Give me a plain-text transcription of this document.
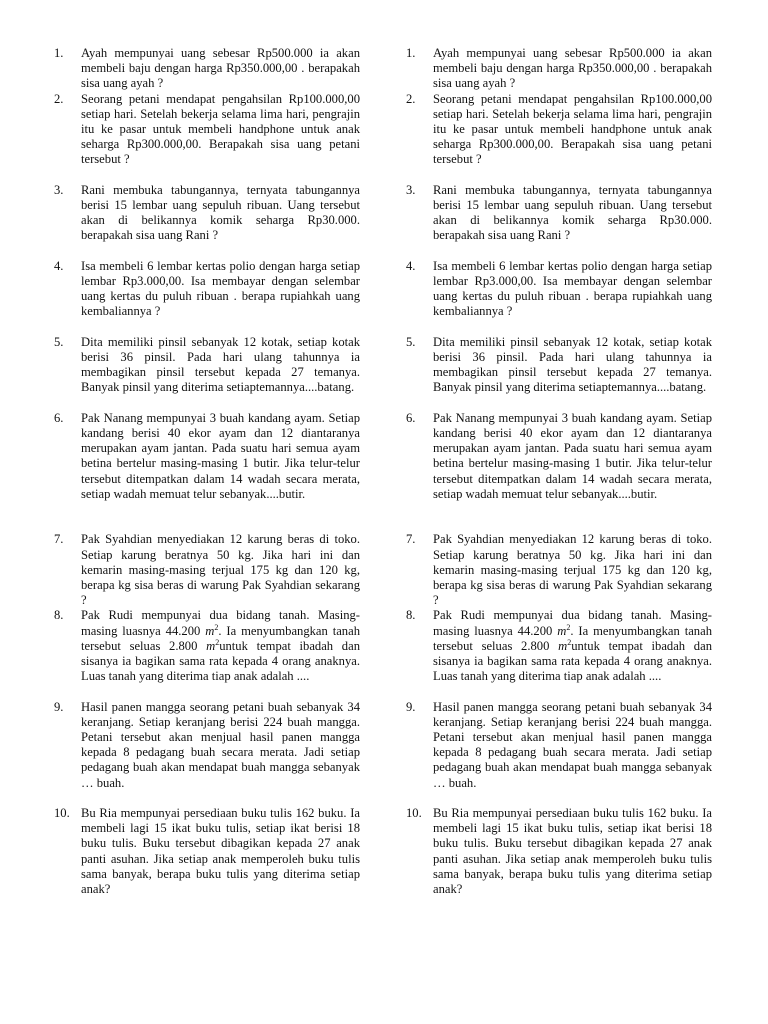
1.	Ayah mempunyai uang sebesar Rp500.000 ia akan membeli baju dengan harga Rp350.000,00 . berapakah sisa uang ayah ?
2.	Seorang petani mendapat pengahsilan Rp100.000,00 setiap hari. Setelah bekerja selama lima hari, pengrajin itu ke pasar untuk membeli handphone untuk anak seharga Rp300.000,00. Berapakah sisa uang petani tersebut ?
3.	Rani membuka tabungannya, ternyata tabungannya berisi 15 lembar uang sepuluh ribuan. Uang tersebut akan di belikannya komik seharga Rp30.000. berapakah sisa uang Rani ?
4.	Isa membeli 6 lembar kertas polio dengan harga setiap lembar Rp3.000,00. Isa membayar dengan selembar uang kertas du puluh ribuan . berapa rupiahkah uang kembaliannya ?
5.	Dita memiliki pinsil sebanyak 12 kotak, setiap kotak berisi 36 pinsil. Pada hari ulang tahunnya ia membagikan pinsil tersebut kepada 27 temanya. Banyak pinsil yang diterima setiaptemannya....batang.
6.	Pak Nanang mempunyai 3 buah kandang ayam. Setiap kandang berisi 40 ekor ayam dan 12 diantaranya merupakan ayam jantan. Pada suatu hari semua ayam betina bertelur masing-masing 1 butir. Jika telur-telur tersebut ditempatkan dalam 14 wadah secara merata, setiap wadah memuat telur sebanyak....butir.
7.	Pak Syahdian menyediakan 12 karung beras di toko. Setiap karung beratnya 50 kg. Jika hari ini dan kemarin masing-masing terjual 175 kg dan 120 kg, berapa kg sisa beras di warung Pak Syahdian sekarang ?
8.	Pak Rudi mempunyai dua bidang tanah. Masing-masing luasnya 44.200 $m^2$. Ia menyumbangkan tanah tersebut seluas 2.800 $m^2untuk$ tempat ibadah dan sisanya ia bagikan sama rata kepada 4 orang anaknya. Luas tanah yang diterima tiap anak adalah ....
9.	Hasil panen mangga seorang petani buah sebanyak 34 keranjang. Setiap keranjang berisi 224 buah mangga. Petani tersebut akan menjual hasil panen mangga kepada 8 pedagang buah secara merata. Jadi setiap pedagang buah akan mendapat buah mangga sebanyak … buah.
10. Bu Ria mempunyai persediaan buku tulis 162 buku. Ia membeli lagi 15 ikat buku tulis, setiap ikat berisi 18 buku tulis. Buku tersebut dibagikan kepada 27 anak panti asuhan. Jika setiap anak memperoleh buku tulis sama banyak, berapa buku tulis yang diterima setiap anak?
1.	Ayah mempunyai uang sebesar Rp500.000 ia akan membeli baju dengan harga Rp350.000,00 . berapakah sisa uang ayah ?
2.	Seorang petani mendapat pengahsilan Rp100.000,00 setiap hari. Setelah bekerja selama lima hari, pengrajin itu ke pasar untuk membeli handphone untuk anak seharga Rp300.000,00. Berapakah sisa uang petani tersebut ?
3.	Rani membuka tabungannya, ternyata tabungannya berisi 15 lembar uang sepuluh ribuan. Uang tersebut akan di belikannya komik seharga Rp30.000. berapakah sisa uang Rani ?
4.	Isa membeli 6 lembar kertas polio dengan harga setiap lembar Rp3.000,00. Isa membayar dengan selembar uang kertas du puluh ribuan . berapa rupiahkah uang kembaliannya ?
5.	Dita memiliki pinsil sebanyak 12 kotak, setiap kotak berisi 36 pinsil. Pada hari ulang tahunnya ia membagikan pinsil tersebut kepada 27 temanya. Banyak pinsil yang diterima setiaptemannya....batang.
6.	Pak Nanang mempunyai 3 buah kandang ayam. Setiap kandang berisi 40 ekor ayam dan 12 diantaranya merupakan ayam jantan. Pada suatu hari semua ayam betina bertelur masing-masing 1 butir. Jika telur-telur tersebut ditempatkan dalam 14 wadah secara merata, setiap wadah memuat telur sebanyak....butir.
7.	Pak Syahdian menyediakan 12 karung beras di toko. Setiap karung beratnya 50 kg. Jika hari ini dan kemarin masing-masing terjual 175 kg dan 120 kg, berapa kg sisa beras di warung Pak Syahdian sekarang ?
8.	Pak Rudi mempunyai dua bidang tanah. Masing-masing luasnya 44.200 $m^2$. Ia menyumbangkan tanah tersebut seluas 2.800 $m^2untuk$ tempat ibadah dan sisanya ia bagikan sama rata kepada 4 orang anaknya. Luas tanah yang diterima tiap anak adalah ....
9.	Hasil panen mangga seorang petani buah sebanyak 34 keranjang. Setiap keranjang berisi 224 buah mangga. Petani tersebut akan menjual hasil panen mangga kepada 8 pedagang buah secara merata. Jadi setiap pedagang buah akan mendapat buah mangga sebanyak … buah.
10. Bu Ria mempunyai persediaan buku tulis 162 buku. Ia membeli lagi 15 ikat buku tulis, setiap ikat berisi 18 buku tulis. Buku tersebut dibagikan kepada 27 anak panti asuhan. Jika setiap anak memperoleh buku tulis sama banyak, berapa buku tulis yang diterima setiap anak?
